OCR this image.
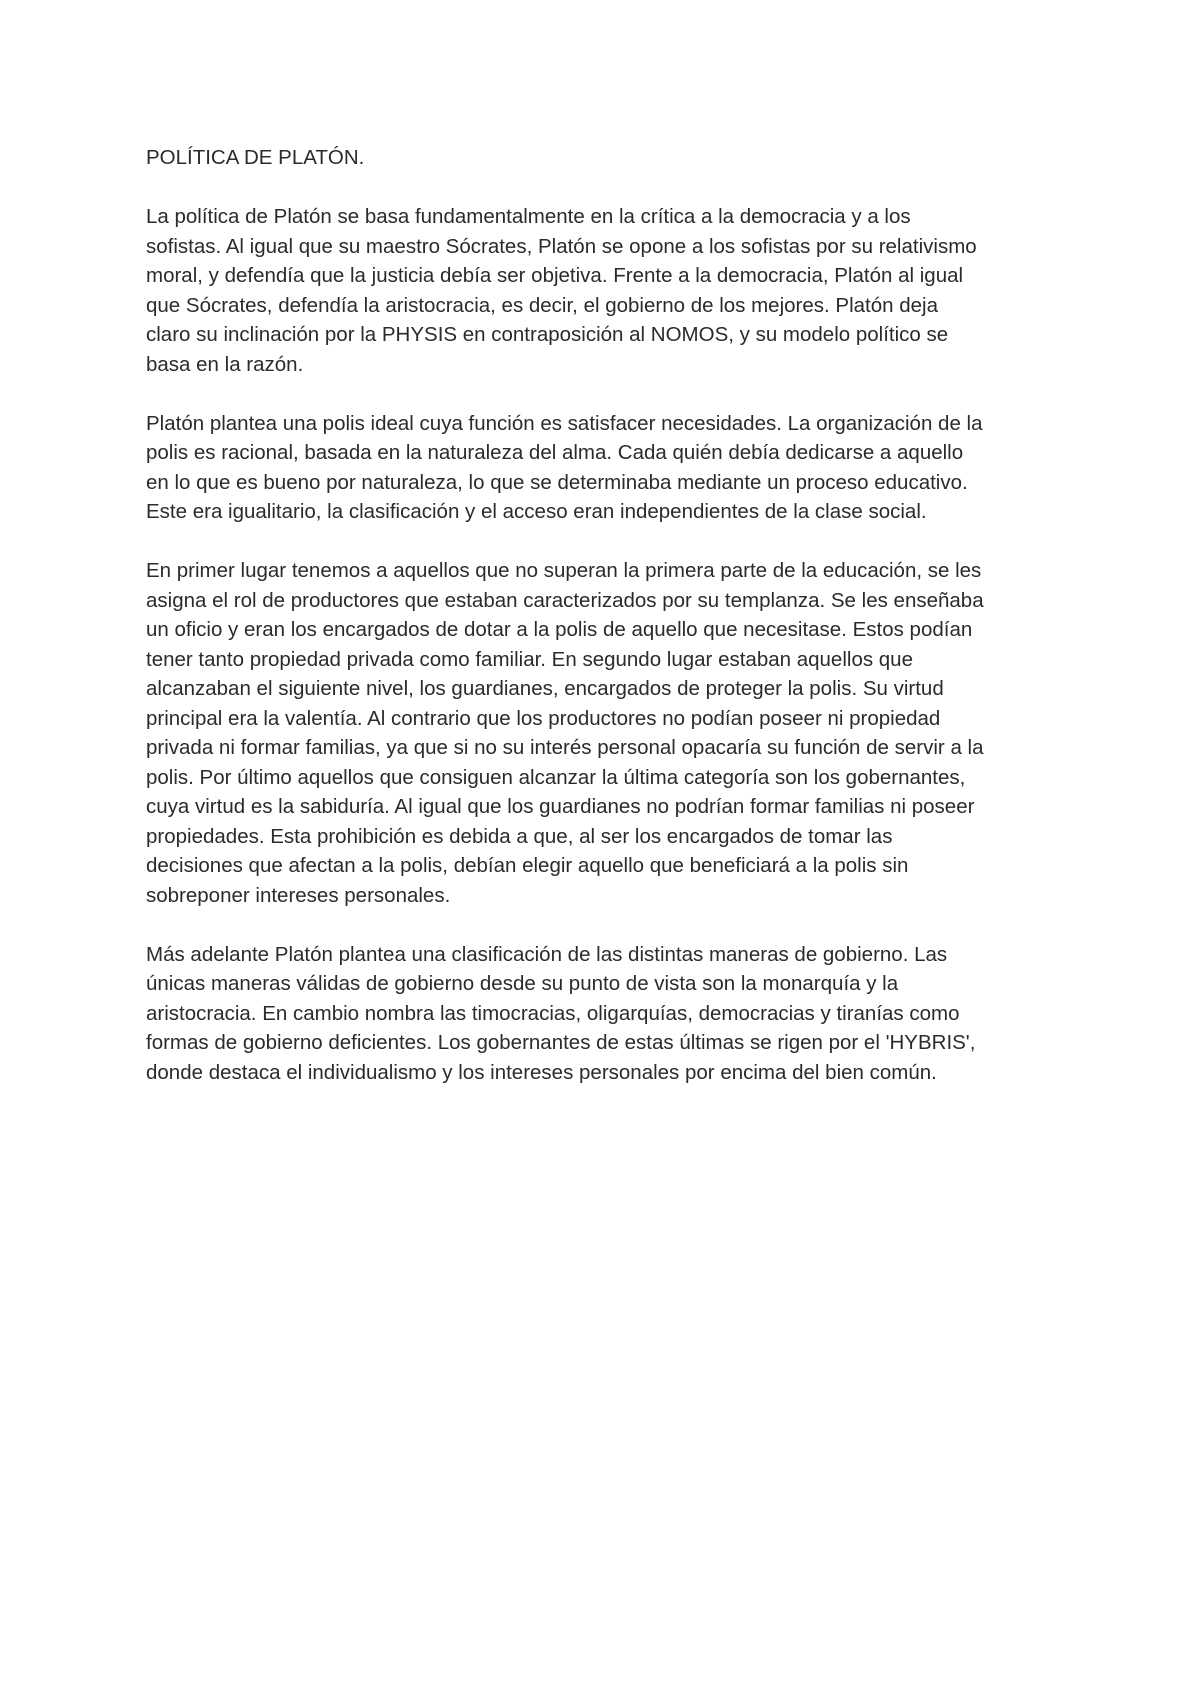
POLÍTICA DE PLATÓN.

La política de Platón se basa fundamentalmente en la crítica a la democracia y a los
sofistas. Al igual que su maestro Sócrates, Platón se opone a los sofistas por su relativismo
moral, y defendía que la justicia debía ser objetiva. Frente a la democracia, Platón al igual
que Sócrates, defendía la aristocracia, es decir, el gobierno de los mejores. Platón deja
claro su inclinación por la PHYSIS en contraposición al NOMOS, y su modelo político se
basa en la razón.

Platón plantea una polis ideal cuya función es satisfacer necesidades. La organización de la
polis es racional, basada en la naturaleza del alma. Cada quién debía dedicarse a aquello
en lo que es bueno por naturaleza, lo que se determinaba mediante un proceso educativo.
Este era igualitario, la clasificación y el acceso eran independientes de la clase social.

En primer lugar tenemos a aquellos que no superan la primera parte de la educación, se les
asigna el rol de productores que estaban caracterizados por su templanza. Se les enseñaba
un oficio y eran los encargados de dotar a la polis de aquello que necesitase. Estos podían
tener tanto propiedad privada como familiar. En segundo lugar estaban aquellos que
alcanzaban el siguiente nivel, los guardianes, encargados de proteger la polis. Su virtud
principal era la valentía. Al contrario que los productores no podían poseer ni propiedad
privada ni formar familias, ya que si no su interés personal opacaría su función de servir a la
polis. Por último aquellos que consiguen alcanzar la última categoría son los gobernantes,
cuya virtud es la sabiduría. Al igual que los guardianes no podrían formar familias ni poseer
propiedades. Esta prohibición es debida a que, al ser los encargados de tomar las
decisiones que afectan a la polis, debían elegir aquello que beneficiará a la polis sin
sobreponer intereses personales.

Más adelante Platón plantea una clasificación de las distintas maneras de gobierno. Las
únicas maneras válidas de gobierno desde su punto de vista son la monarquía y la
aristocracia. En cambio nombra las timocracias, oligarquías, democracias y tiranías como
formas de gobierno deficientes. Los gobernantes de estas últimas se rigen por el 'HYBRIS',
donde destaca el individualismo y los intereses personales por encima del bien común.
